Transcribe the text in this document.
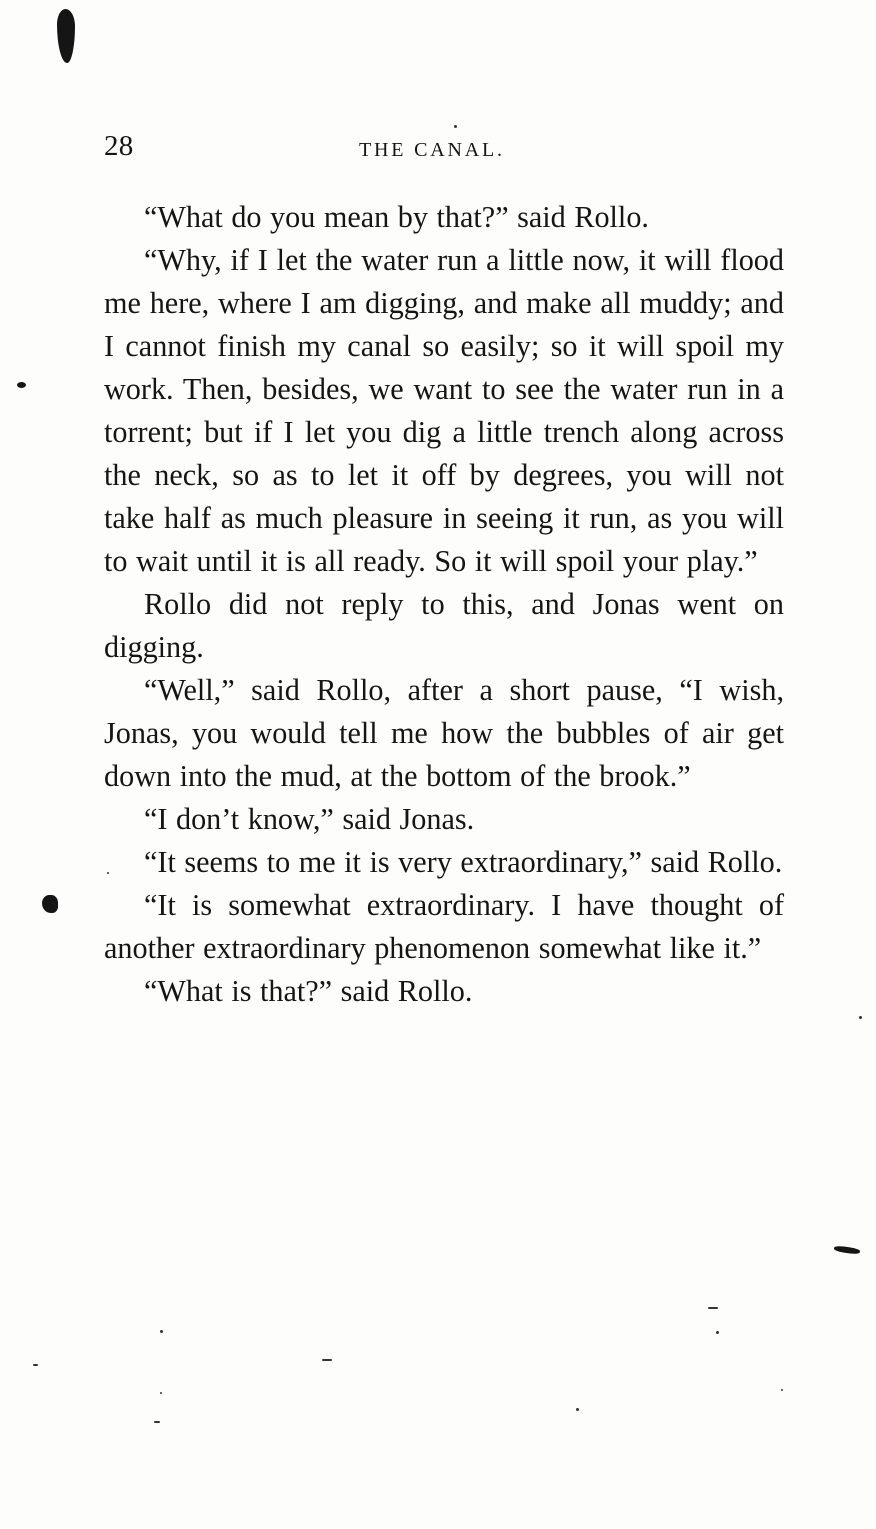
28	THE CANAL.

“What do you mean by that?” said Rollo.

“Why, if I let the water run a little now, it will flood me here, where I am digging, and make all muddy; and I cannot finish my canal so easily; so it will spoil my work. Then, besides, we want to see the water run in a torrent; but if I let you dig a little trench along across the neck, so as to let it off by degrees, you will not take half as much pleasure in seeing it run, as you will to wait until it is all ready. So it will spoil your play.”

Rollo did not reply to this, and Jonas went on digging.

“Well,” said Rollo, after a short pause, “I wish, Jonas, you would tell me how the bubbles of air get down into the mud, at the bottom of the brook.”

“I don’t know,” said Jonas.

“It seems to me it is very extraordinary,” said Rollo.

“It is somewhat extraordinary. I have thought of another extraordinary phenomenon somewhat like it.”

“What is that?” said Rollo.
